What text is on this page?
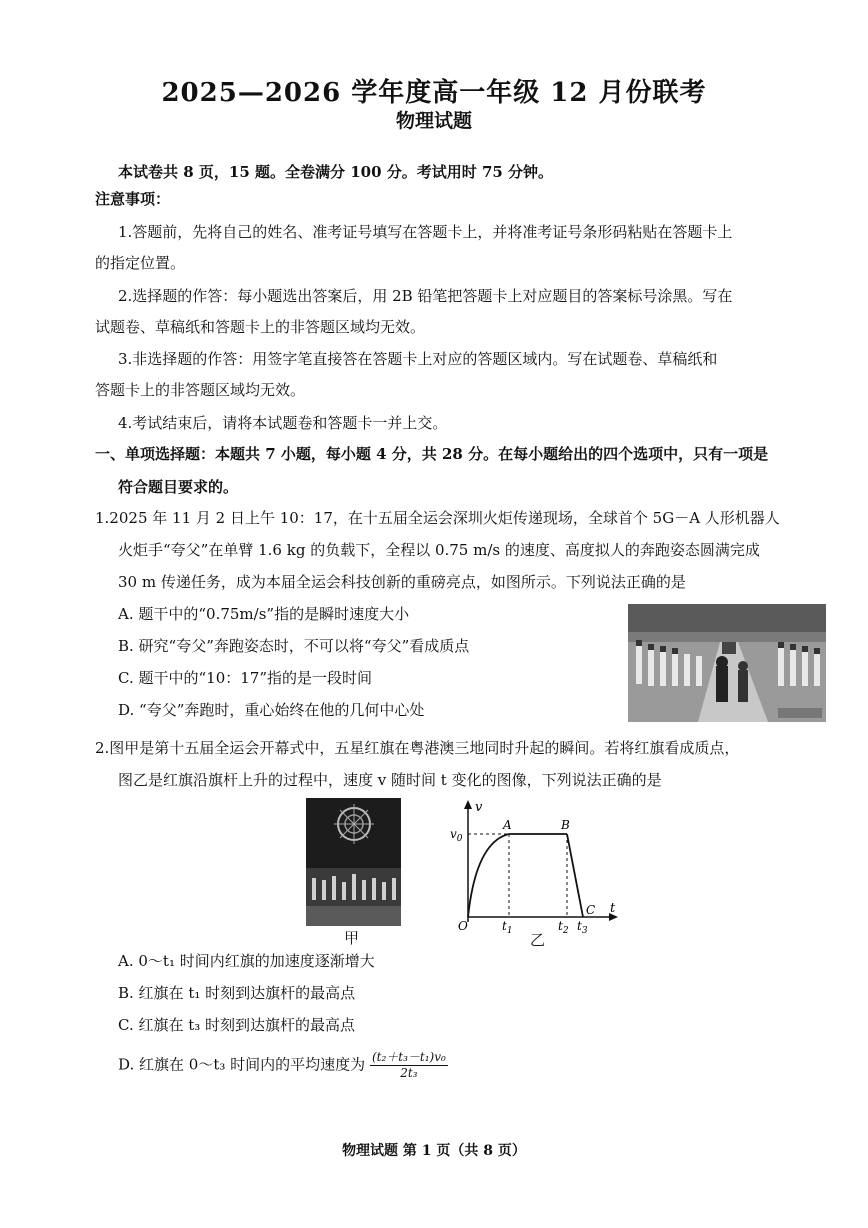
2025—2026 学年度高一年级 12 月份联考
物理试题
本试卷共 8 页，15 题。全卷满分 100 分。考试用时 75 分钟。
注意事项：
1.答题前，先将自己的姓名、准考证号填写在答题卡上，并将准考证号条形码粘贴在答题卡上
的指定位置。
2.选择题的作答：每小题选出答案后，用 2B 铅笔把答题卡上对应题目的答案标号涂黑。写在
试题卷、草稿纸和答题卡上的非答题区域均无效。
3.非选择题的作答：用签字笔直接答在答题卡上对应的答题区域内。写在试题卷、草稿纸和
答题卡上的非答题区域均无效。
4.考试结束后，请将本试题卷和答题卡一并上交。
一、单项选择题：本题共 7 小题，每小题 4 分，共 28 分。在每小题给出的四个选项中，只有一项是
符合题目要求的。
1.2025 年 11 月 2 日上午 10：17，在十五届全运会深圳火炬传递现场，全球首个 5G－A 人形机器人
火炬手“夸父”在单臂 1.6 kg 的负载下，全程以 0.75 m/s 的速度、高度拟人的奔跑姿态圆满完成
30 m 传递任务，成为本届全运会科技创新的重磅亮点，如图所示。下列说法正确的是
A. 题干中的“0.75m/s”指的是瞬时速度大小
B. 研究“夸父”奔跑姿态时，不可以将“夸父”看成质点
C. 题干中的“10：17”指的是一段时间
D. “夸父”奔跑时，重心始终在他的几何中心处
2.图甲是第十五届全运会开幕式中，五星红旗在粤港澳三地同时升起的瞬间。若将红旗看成质点，
图乙是红旗沿旗杆上升的过程中，速度 v 随时间 t 变化的图像，下列说法正确的是
甲
v
t
$v_0$
O	$t_1$	$t_2$ $t_3$
A	B
C
乙
A. 0～t₁ 时间内红旗的加速度逐渐增大
B. 红旗在 t₁ 时刻到达旗杆的最高点
C. 红旗在 t₃ 时刻到达旗杆的最高点
D. 红旗在 0～t₃ 时间内的平均速度为 $\frac{\text{(t₂＋t₃－t₁)v₀}}{\text{2t₃}}$
物理试题 第 1 页（共 8 页）
